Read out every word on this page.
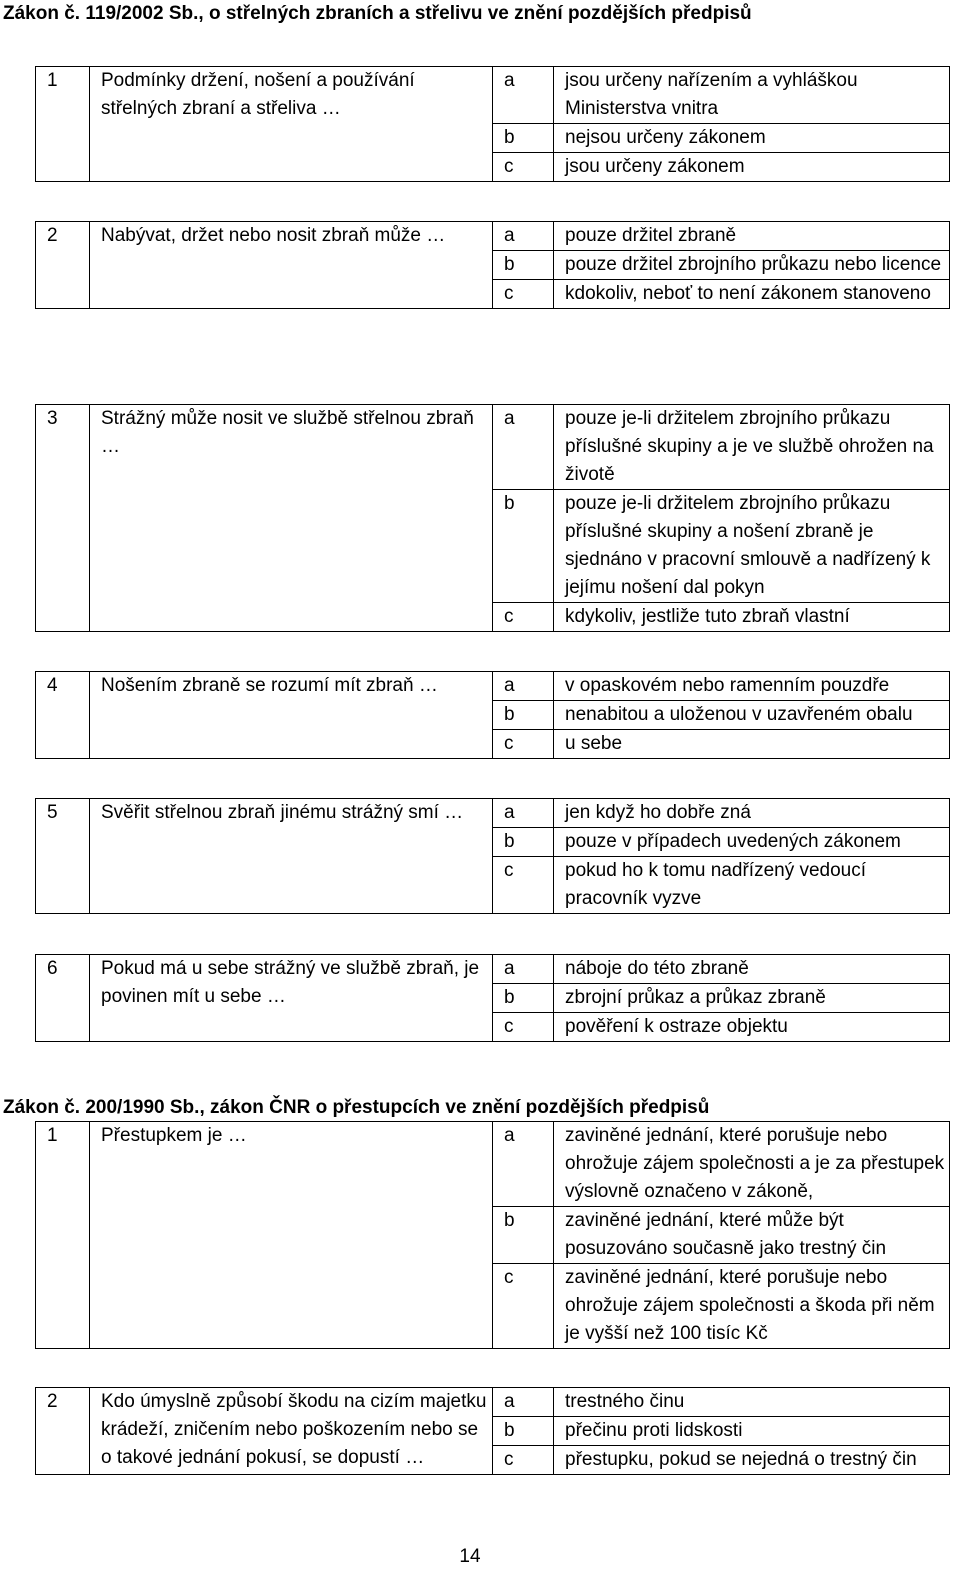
Zákon č. 119/2002 Sb., o střelných zbraních a střelivu ve znění pozdějších předpisů
1	Podmínky držení, nošení a používání střelných zbraní a střeliva …	a	jsou určeny nařízením a vyhláškou Ministerstva vnitra
		b	nejsou určeny zákonem
		c	jsou určeny zákonem
2	Nabývat, držet nebo nosit zbraň může …	a	pouze držitel zbraně
		b	pouze držitel zbrojního průkazu nebo licence
		c	kdokoliv, neboť to není zákonem stanoveno
3	Strážný může nosit ve službě střelnou zbraň …	a	pouze je-li držitelem zbrojního průkazu příslušné skupiny a je ve službě ohrožen na životě
		b	pouze je-li držitelem zbrojního průkazu příslušné skupiny a nošení zbraně je sjednáno v pracovní smlouvě a nadřízený k jejímu nošení dal pokyn
		c	kdykoliv, jestliže tuto zbraň vlastní
4	Nošením zbraně se rozumí mít zbraň …	a	v opaskovém nebo ramenním pouzdře
		b	nenabitou a uloženou v uzavřeném obalu
		c	u sebe
5	Svěřit střelnou zbraň jinému strážný smí …	a	jen když ho dobře zná
		b	pouze v případech uvedených zákonem
		c	pokud ho k tomu nadřízený vedoucí pracovník vyzve
6	Pokud má u sebe strážný ve službě zbraň, je povinen mít u sebe …	a	náboje do této zbraně
		b	zbrojní průkaz a průkaz zbraně
		c	pověření k ostraze objektu
Zákon č. 200/1990 Sb., zákon ČNR o přestupcích ve znění pozdějších předpisů
1	Přestupkem je …	a	zaviněné jednání, které porušuje nebo ohrožuje zájem společnosti a je za přestupek výslovně označeno v zákoně,
		b	zaviněné jednání, které může být posuzováno současně jako trestný čin
		c	zaviněné jednání, které porušuje nebo ohrožuje zájem společnosti a škoda při něm je vyšší než 100 tisíc Kč
2	Kdo úmyslně způsobí škodu na cizím majetku krádeží, zničením nebo poškozením nebo se o takové jednání pokusí, se dopustí …	a	trestného činu
		b	přečinu proti lidskosti
		c	přestupku, pokud se nejedná o trestný čin
14
